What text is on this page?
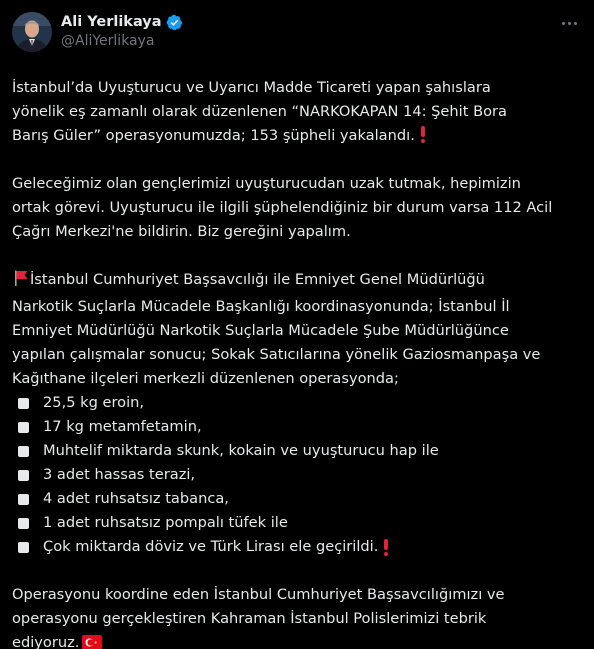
Ali Yerlikaya
@AliYerlikaya
İstanbul’da Uyuşturucu ve Uyarıcı Madde Ticareti yapan şahıslara
yönelik eş zamanlı olarak düzenlenen “NARKOKAPAN 14: Şehit Bora
Barış Güler” operasyonumuzda; 153 şüpheli yakalandı.
Geleceğimiz olan gençlerimizi uyuşturucudan uzak tutmak, hepimizin
ortak görevi. Uyuşturucu ile ilgili şüphelendiğiniz bir durum varsa 112 Acil
Çağrı Merkezi'ne bildirin. Biz gereğini yapalım.
İstanbul Cumhuriyet Başsavcılığı ile Emniyet Genel Müdürlüğü
Narkotik Suçlarla Mücadele Başkanlığı koordinasyonunda; İstanbul İl
Emniyet Müdürlüğü Narkotik Suçlarla Mücadele Şube Müdürlüğünce
yapılan çalışmalar sonucu; Sokak Satıcılarına yönelik Gaziosmanpaşa ve
Kağıthane ilçeleri merkezli düzenlenen operasyonda;
25,5 kg eroin,
17 kg metamfetamin,
Muhtelif miktarda skunk, kokain ve uyuşturucu hap ile
3 adet hassas terazi,
4 adet ruhsatsız tabanca,
1 adet ruhsatsız pompalı tüfek ile
Çok miktarda döviz ve Türk Lirası ele geçirildi.
Operasyonu koordine eden İstanbul Cumhuriyet Başsavcılığımızı ve
operasyonu gerçekleştiren Kahraman İstanbul Polislerimizi tebrik
ediyoruz.
